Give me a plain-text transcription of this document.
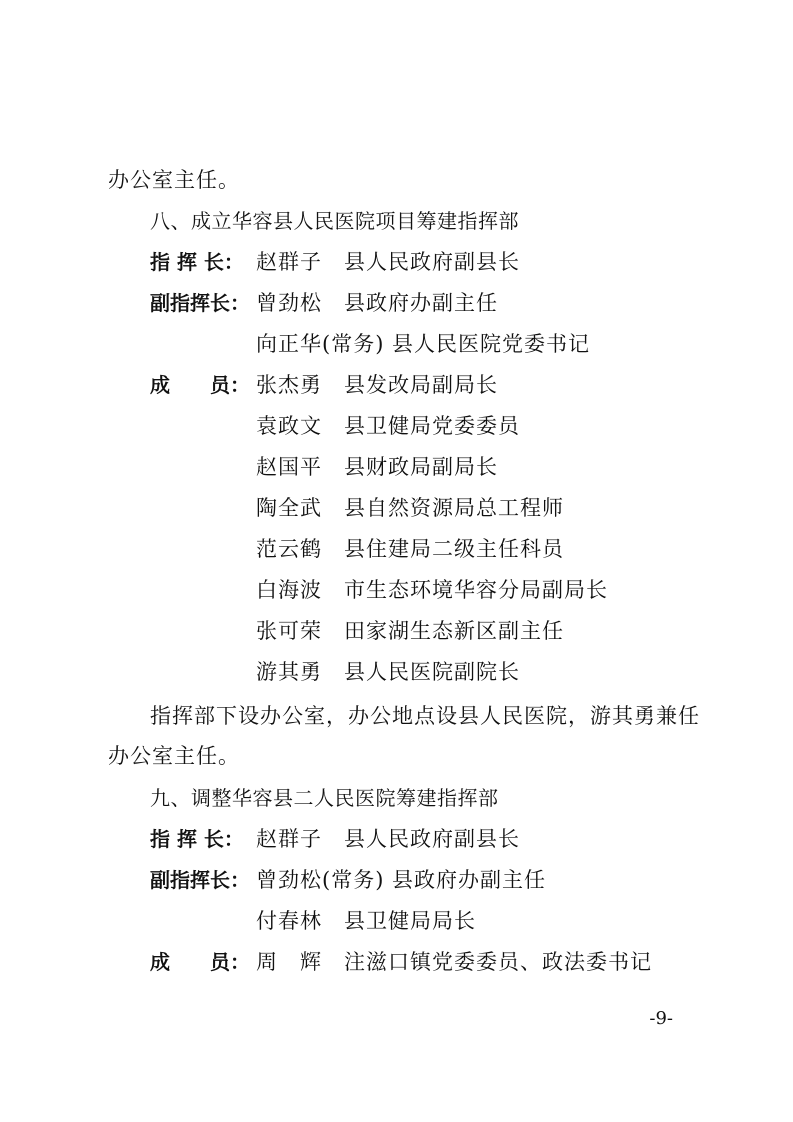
办公室主任。
八、成立华容县人民医院项目筹建指挥部
指 挥 长： 赵群子　县人民政府副县长
副指挥长： 曾劲松　县政府办副主任
向正华(常务) 县人民医院党委书记
成　　员： 张杰勇　县发改局副局长
袁政文　县卫健局党委委员
赵国平　县财政局副局长
陶全武　县自然资源局总工程师
范云鹤　县住建局二级主任科员
白海波　市生态环境华容分局副局长
张可荣　田家湖生态新区副主任
游其勇　县人民医院副院长
指挥部下设办公室，办公地点设县人民医院，游其勇兼任
办公室主任。
九、调整华容县二人民医院筹建指挥部
指 挥 长： 赵群子　县人民政府副县长
副指挥长： 曾劲松(常务) 县政府办副主任
付春林　县卫健局局长
成　　员： 周　辉　注滋口镇党委委员、政法委书记
-9-
